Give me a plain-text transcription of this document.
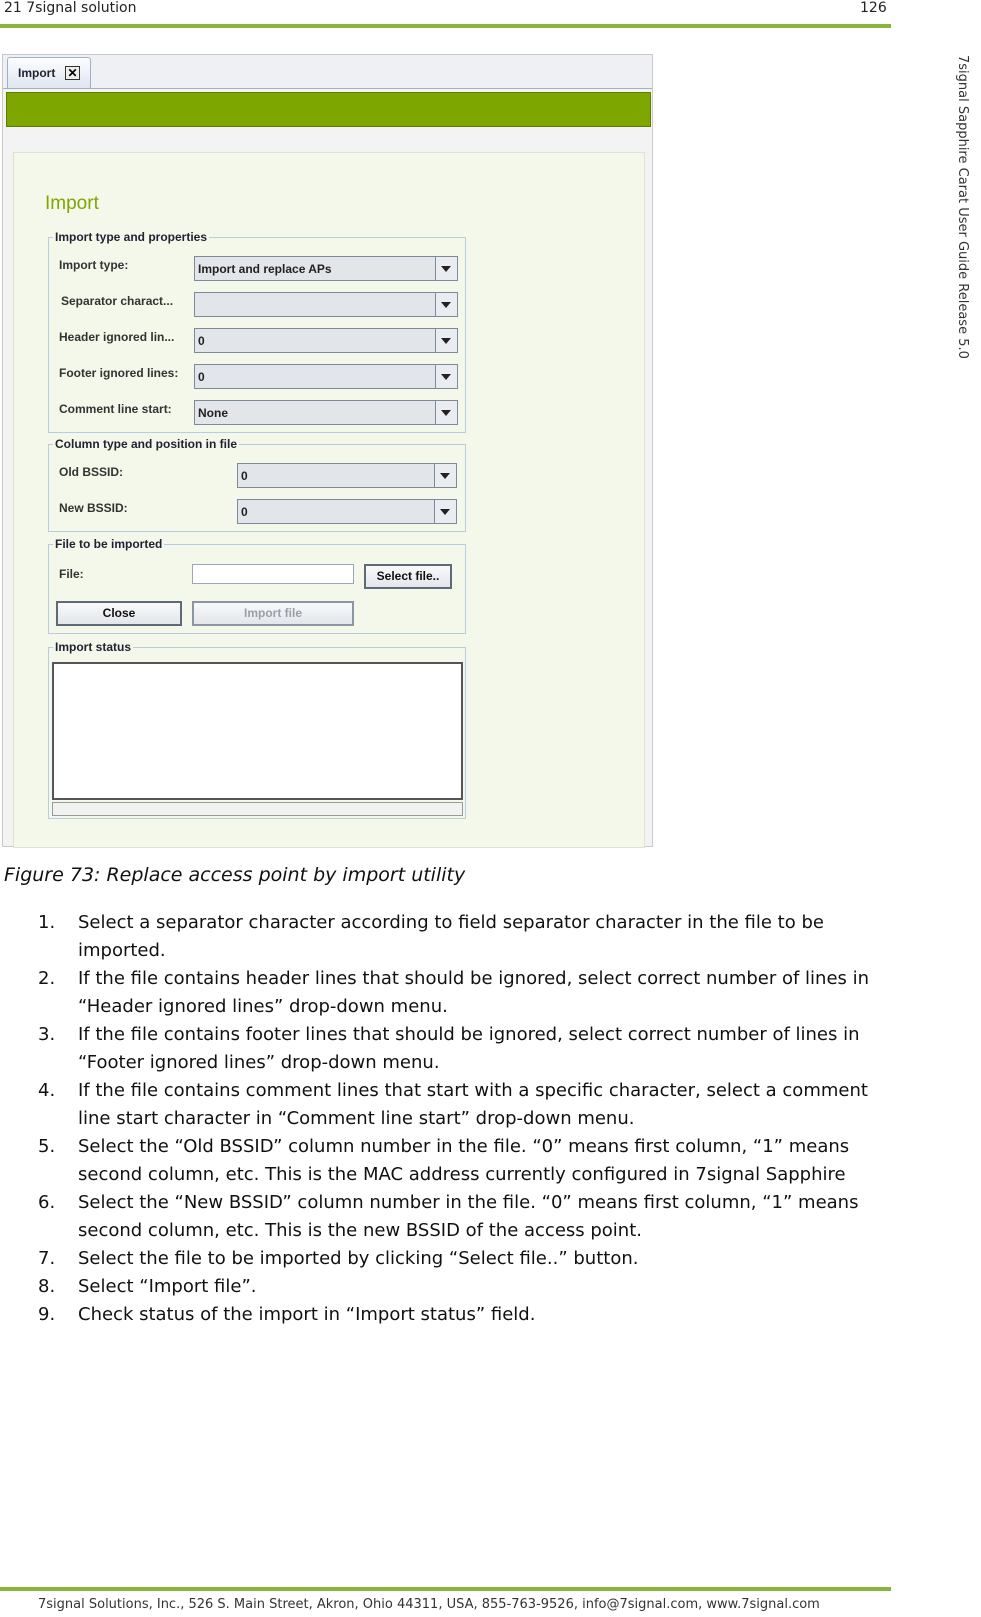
21 7signal solution	126
7signal Sapphire Carat User Guide Release 5.0
Import ✕
Import
Import type and properties
Import type:	Import and replace APs
Separator charact...
Header ignored lin... 0
Footer ignored lines: 0
Comment line start: None
Column type and position in file
Old BSSID:	0
New BSSID:	0
File to be imported
File:	Select file..
Close	Import file
Import status
Figure 73: Replace access point by import utility
1. Select a separator character according to field separator character in the file to be imported.
2. If the file contains header lines that should be ignored, select correct number of lines in “Header ignored lines” drop-down menu.
3. If the file contains footer lines that should be ignored, select correct number of lines in “Footer ignored lines” drop-down menu.
4. If the file contains comment lines that start with a specific character, select a comment line start character in “Comment line start” drop-down menu.
5. Select the “Old BSSID” column number in the file. “0” means first column, “1” means second column, etc. This is the MAC address currently configured in 7signal Sapphire
6. Select the “New BSSID” column number in the file. “0” means first column, “1” means second column, etc. This is the new BSSID of the access point.
7. Select the file to be imported by clicking “Select file..” button.
8. Select “Import file”.
9. Check status of the import in “Import status” field.
7signal Solutions, Inc., 526 S. Main Street, Akron, Ohio 44311, USA, 855-763-9526, info@7signal.com, www.7signal.com
